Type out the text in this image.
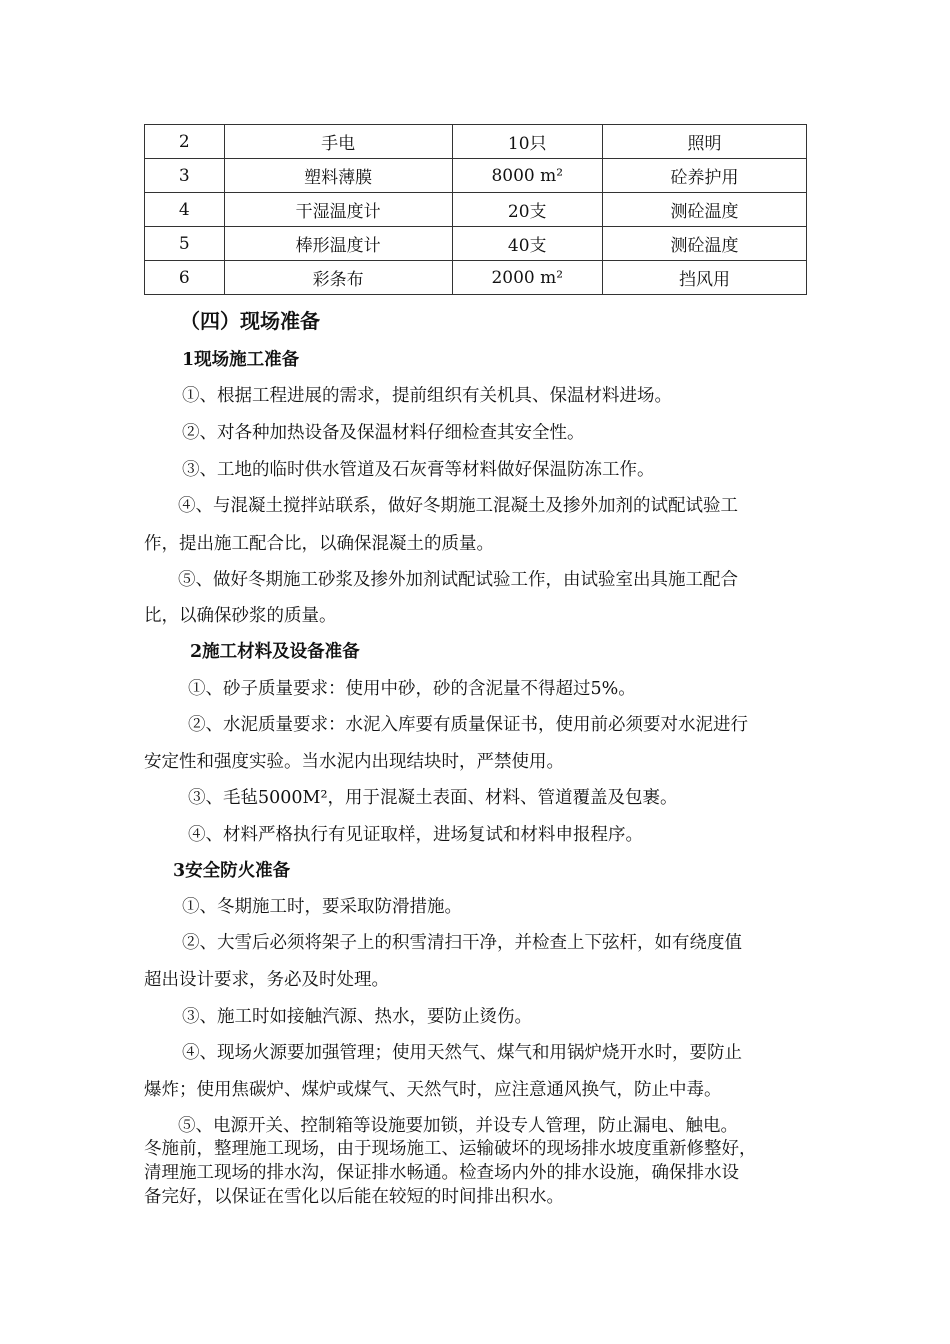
2	手电	10只	照明
3	塑料薄膜	8000 m²	砼养护用
4	干湿温度计	20支	测砼温度
5	棒形温度计	40支	测砼温度
6	彩条布	2000 m²	挡风用
（四）现场准备
1现场施工准备
①、根据工程进展的需求，提前组织有关机具、保温材料进场。
②、对各种加热设备及保温材料仔细检查其安全性。
③、工地的临时供水管道及石灰膏等材料做好保温防冻工作。
④、与混凝土搅拌站联系，做好冬期施工混凝土及掺外加剂的试配试验工
作，提出施工配合比，以确保混凝土的质量。
⑤、做好冬期施工砂浆及掺外加剂试配试验工作，由试验室出具施工配合
比，以确保砂浆的质量。
2施工材料及设备准备
①、砂子质量要求：使用中砂，砂的含泥量不得超过5%。
②、水泥质量要求：水泥入库要有质量保证书，使用前必须要对水泥进行
安定性和强度实验。当水泥内出现结块时，严禁使用。
③、毛毡5000M²，用于混凝土表面、材料、管道覆盖及包裹。
④、材料严格执行有见证取样，进场复试和材料申报程序。
3安全防火准备
①、冬期施工时，要采取防滑措施。
②、大雪后必须将架子上的积雪清扫干净，并检查上下弦杆，如有绕度值
超出设计要求，务必及时处理。
③、施工时如接触汽源、热水，要防止烫伤。
④、现场火源要加强管理；使用天然气、煤气和用锅炉烧开水时，要防止
爆炸；使用焦碳炉、煤炉或煤气、天然气时，应注意通风换气，防止中毒。
⑤、电源开关、控制箱等设施要加锁，并设专人管理，防止漏电、触电。
冬施前，整理施工现场，由于现场施工、运输破坏的现场排水坡度重新修整好，
清理施工现场的排水沟，保证排水畅通。检查场内外的排水设施，确保排水设
备完好，以保证在雪化以后能在较短的时间排出积水。
